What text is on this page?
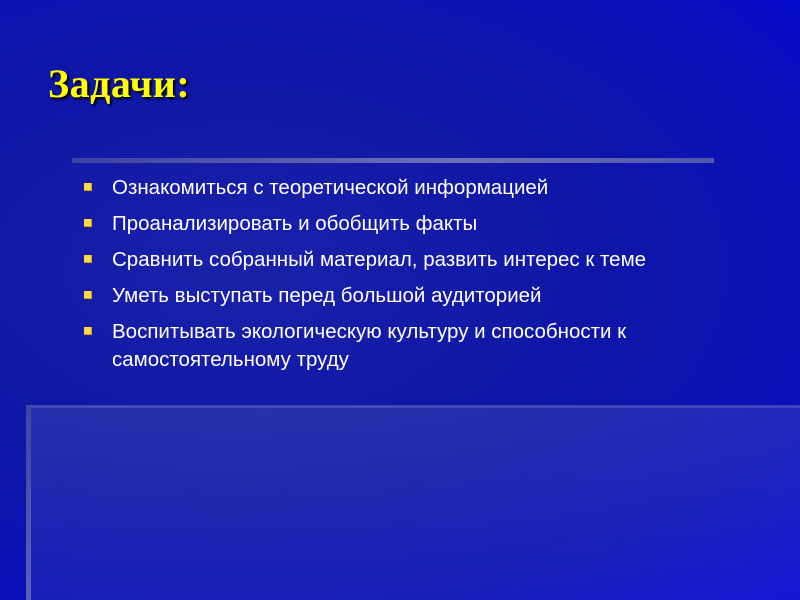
Задачи:
Ознакомиться с теоретической информацией
Проанализировать и обобщить факты
Сравнить собранный материал, развить интерес к теме
Уметь выступать перед большой аудиторией
Воспитывать экологическую культуру и способности к самостоятельному труду
